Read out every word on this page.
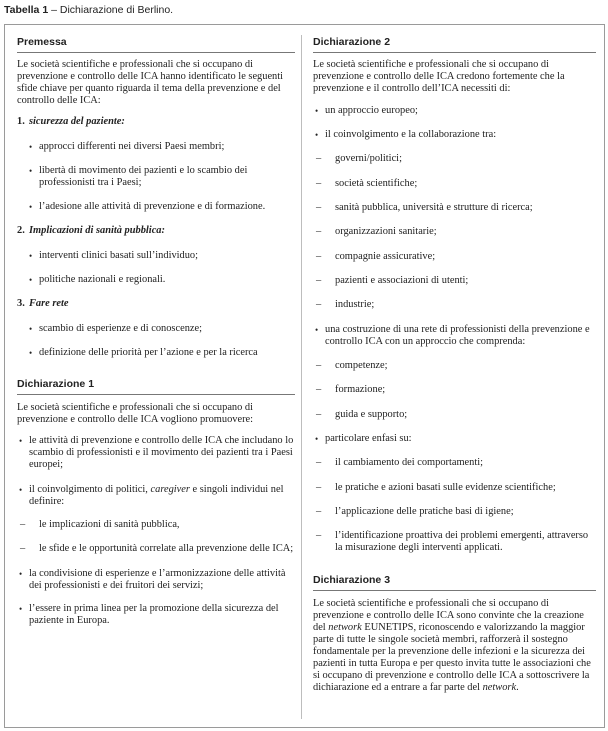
Tabella 1 – Dichiarazione di Berlino.

Premessa

Le società scientifiche e professionali che si occupano di prevenzione e controllo delle ICA hanno identificato le seguenti sfide chiave per quanto riguarda il tema della prevenzione e del controllo delle ICA:

1. sicurezza del paziente:

• approcci differenti nei diversi Paesi membri;

• libertà di movimento dei pazienti e lo scambio dei professionisti tra i Paesi;

• l’adesione alle attività di prevenzione e di formazione.

2. Implicazioni di sanità pubblica:

• interventi clinici basati sull’individuo;

• politiche nazionali e regionali.

3. Fare rete

• scambio di esperienze e di conoscenze;

• definizione delle priorità per l’azione e per la ricerca

Dichiarazione 1

Le società scientifiche e professionali che si occupano di prevenzione e controllo delle ICA vogliono promuovere:

• le attività di prevenzione e controllo delle ICA che includano lo scambio di professionisti e il movimento dei pazienti tra i Paesi europei;

• il coinvolgimento di politici, caregiver e singoli individui nel definire:

– le implicazioni di sanità pubblica,

– le sfide e le opportunità correlate alla prevenzione delle ICA;

• la condivisione di esperienze e l’armonizzazione delle attività dei professionisti e dei fruitori dei servizi;

• l’essere in prima linea per la promozione della sicurezza del paziente in Europa.

Dichiarazione 2

Le società scientifiche e professionali che si occupano di prevenzione e controllo delle ICA credono fortemente che la prevenzione e il controllo dell’ICA necessiti di:

• un approccio europeo;

• il coinvolgimento e la collaborazione tra:

– governi/politici;

– società scientifiche;

– sanità pubblica, università e strutture di ricerca;

– organizzazioni sanitarie;

– compagnie assicurative;

– pazienti e associazioni di utenti;

– industrie;

• una costruzione di una rete di professionisti della prevenzione e controllo ICA con un approccio che comprenda:

– competenze;

– formazione;

– guida e supporto;

• particolare enfasi su:

– il cambiamento dei comportamenti;

– le pratiche e azioni basati sulle evidenze scientifiche;

– l’applicazione delle pratiche basi di igiene;

– l’identificazione proattiva dei problemi emergenti, attraverso la misurazione degli interventi applicati.

Dichiarazione 3

Le società scientifiche e professionali che si occupano di prevenzione e controllo delle ICA sono convinte che la creazione del network EUNETIPS, riconoscendo e valorizzando la maggior parte di tutte le singole società membri, rafforzerà il sostegno fondamentale per la prevenzione delle infezioni e la sicurezza dei pazienti in tutta Europa e per questo invita tutte le associazioni che si occupano di prevenzione e controllo delle ICA a sottoscrivere la dichiarazione ed a entrare a far parte del network.
